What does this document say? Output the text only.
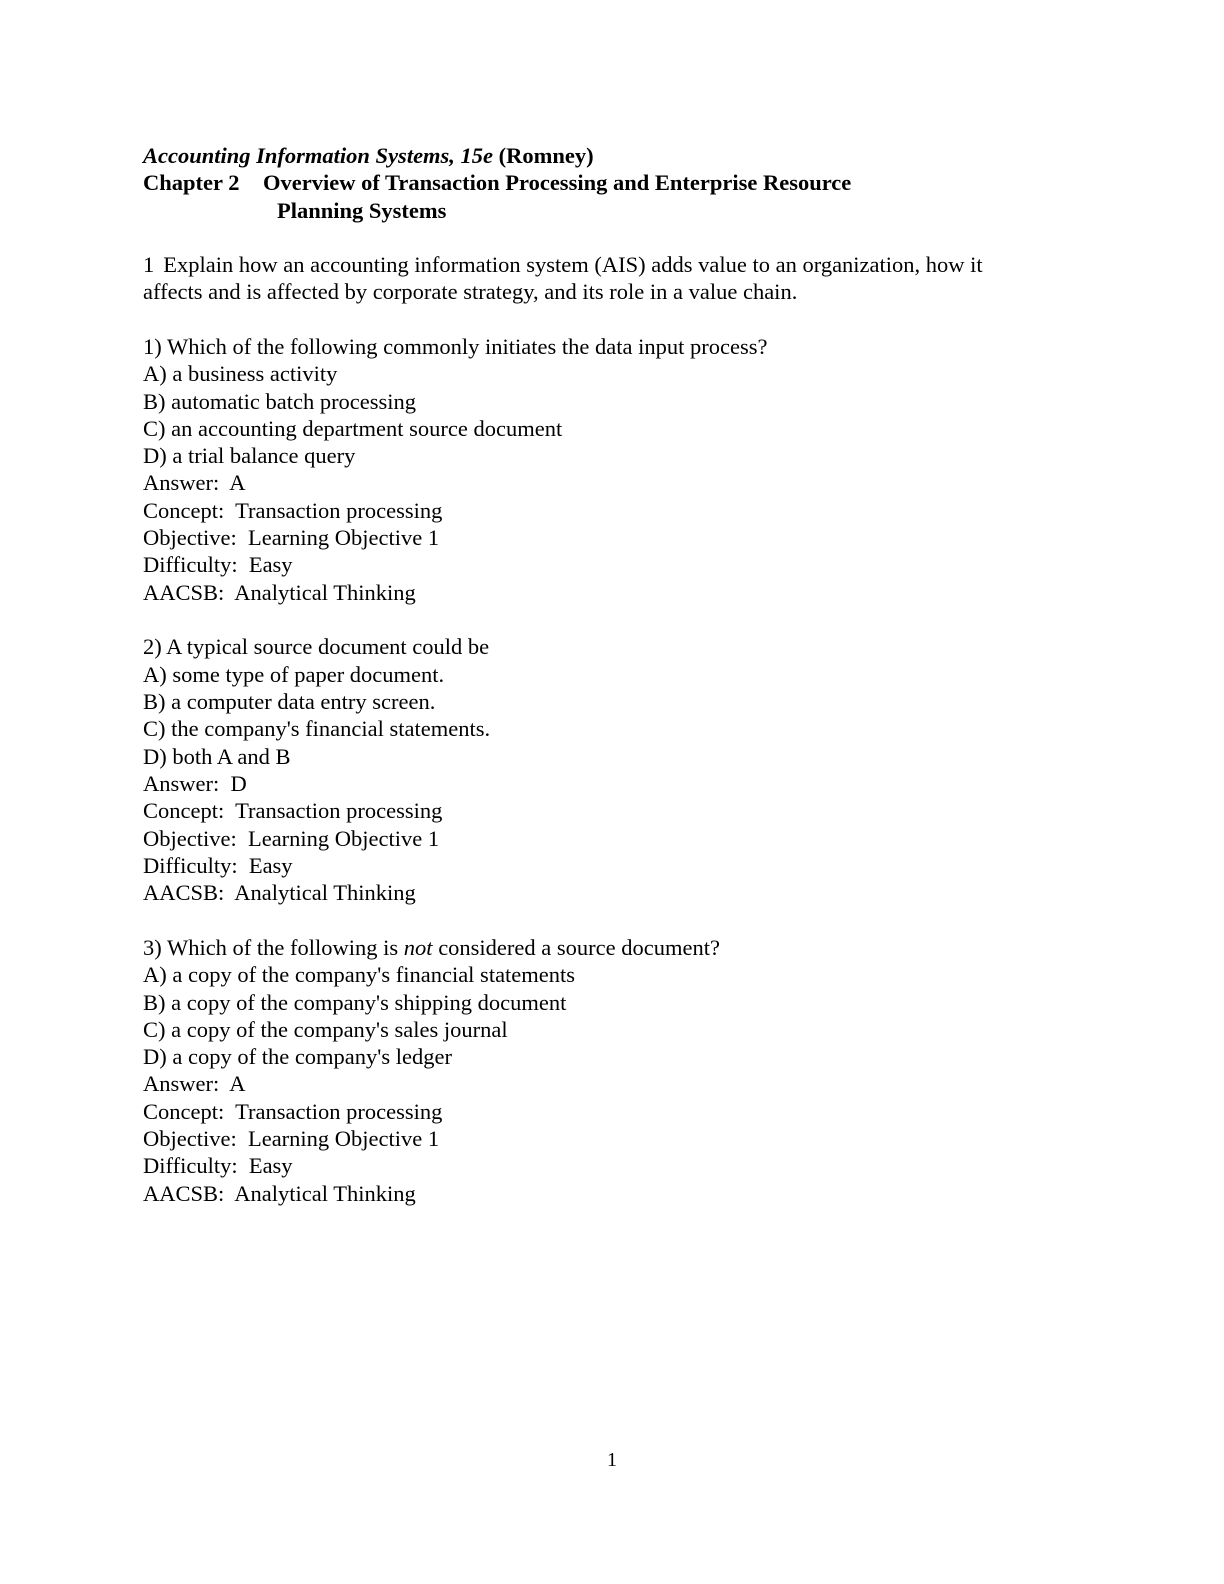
Accounting Information Systems, 15e (Romney)
Chapter 2	Overview of Transaction Processing and Enterprise Resource
Planning Systems
1 Explain how an accounting information system (AIS) adds value to an organization, how it
affects and is affected by corporate strategy, and its role in a value chain.
1) Which of the following commonly initiates the data input process?
A) a business activity
B) automatic batch processing
C) an accounting department source document
D) a trial balance query
Answer:  A
Concept:  Transaction processing
Objective:  Learning Objective 1
Difficulty:  Easy
AACSB:  Analytical Thinking
2) A typical source document could be
A) some type of paper document.
B) a computer data entry screen.
C) the company's financial statements.
D) both A and B
Answer:  D
Concept:  Transaction processing
Objective:  Learning Objective 1
Difficulty:  Easy
AACSB:  Analytical Thinking
3) Which of the following is not considered a source document?
A) a copy of the company's financial statements
B) a copy of the company's shipping document
C) a copy of the company's sales journal
D) a copy of the company's ledger
Answer:  A
Concept:  Transaction processing
Objective:  Learning Objective 1
Difficulty:  Easy
AACSB:  Analytical Thinking
1
